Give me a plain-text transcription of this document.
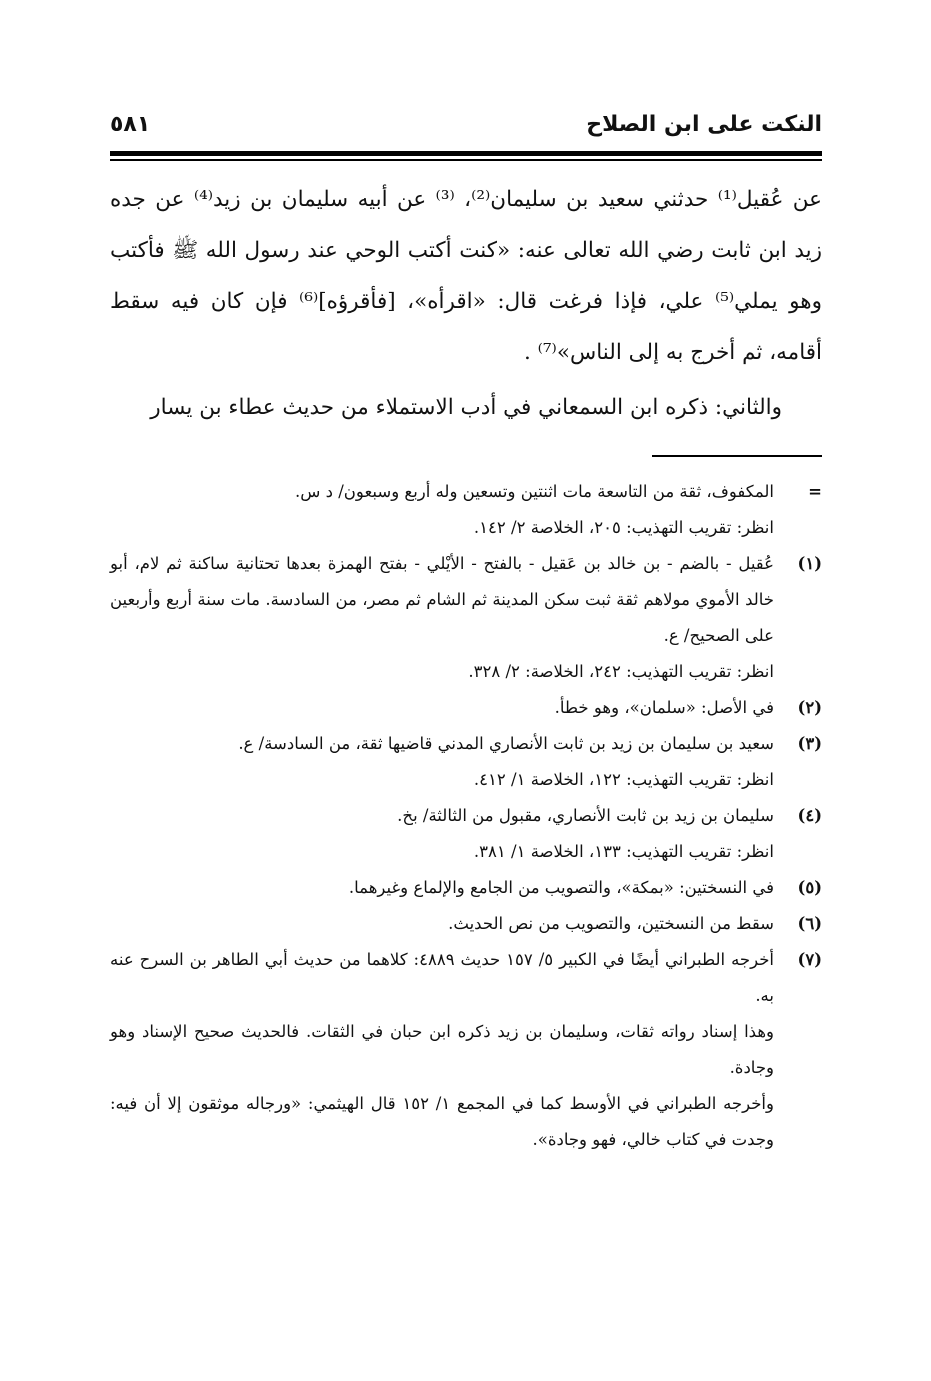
النكت على ابن الصلاح
٥٨١

عن عُقيل⁽¹⁾ حدثني سعيد بن سليمان⁽²⁾، ⁽³⁾ عن أبيه سليمان بن زيد⁽⁴⁾ عن جده زيد ابن ثابت رضي الله تعالى عنه: «كنت أكتب الوحي عند رسول الله ﷺ فأكتب وهو يملي⁽⁵⁾ علي، فإذا فرغت قال: «اقرأه»، [فأقرؤه]⁽⁶⁾ فإن كان فيه سقط أقامه، ثم أخرج به إلى الناس»⁽⁷⁾ .

والثاني: ذكره ابن السمعاني في أدب الاستملاء من حديث عطاء بن يسار

=
المكفوف، ثقة من التاسعة مات اثنتين وتسعين وله أربع وسبعون/ د س.
انظر: تقريب التهذيب: ٢٠٥، الخلاصة ٢/ ١٤٢.
(١)
عُقيل - بالضم - بن خالد بن عَقيل - بالفتح - الأيْلي - بفتح الهمزة بعدها تحتانية ساكنة ثم لام، أبو خالد الأموي مولاهم ثقة ثبت سكن المدينة ثم الشام ثم مصر، من السادسة. مات سنة أربع وأربعين على الصحيح/ ع.
انظر: تقريب التهذيب: ٢٤٢، الخلاصة: ٢/ ٣٢٨.
(٢)
في الأصل: «سلمان»، وهو خطأ.
(٣)
سعيد بن سليمان بن زيد بن ثابت الأنصاري المدني قاضيها ثقة، من السادسة/ ع.
انظر: تقريب التهذيب: ١٢٢، الخلاصة ١/ ٤١٢.
(٤)
سليمان بن زيد بن ثابت الأنصاري، مقبول من الثالثة/ بخ.
انظر: تقريب التهذيب: ١٣٣، الخلاصة ١/ ٣٨١.
(٥)
في النسختين: «بمكة»، والتصويب من الجامع والإلماع وغيرهما.
(٦)
سقط من النسختين، والتصويب من نص الحديث.
(٧)
أخرجه الطبراني أيضًا في الكبير ٥/ ١٥٧ حديث ٤٨٨٩: كلاهما من حديث أبي الطاهر بن السرح عنه به.
وهذا إسناد رواته ثقات، وسليمان بن زيد ذكره ابن حبان في الثقات. فالحديث صحيح الإسناد وهو وجادة.
وأخرجه الطبراني في الأوسط كما في المجمع ١/ ١٥٢ قال الهيثمي: «ورجاله موثقون إلا أن فيه: وجدت في كتاب خالي، فهو وجادة».
